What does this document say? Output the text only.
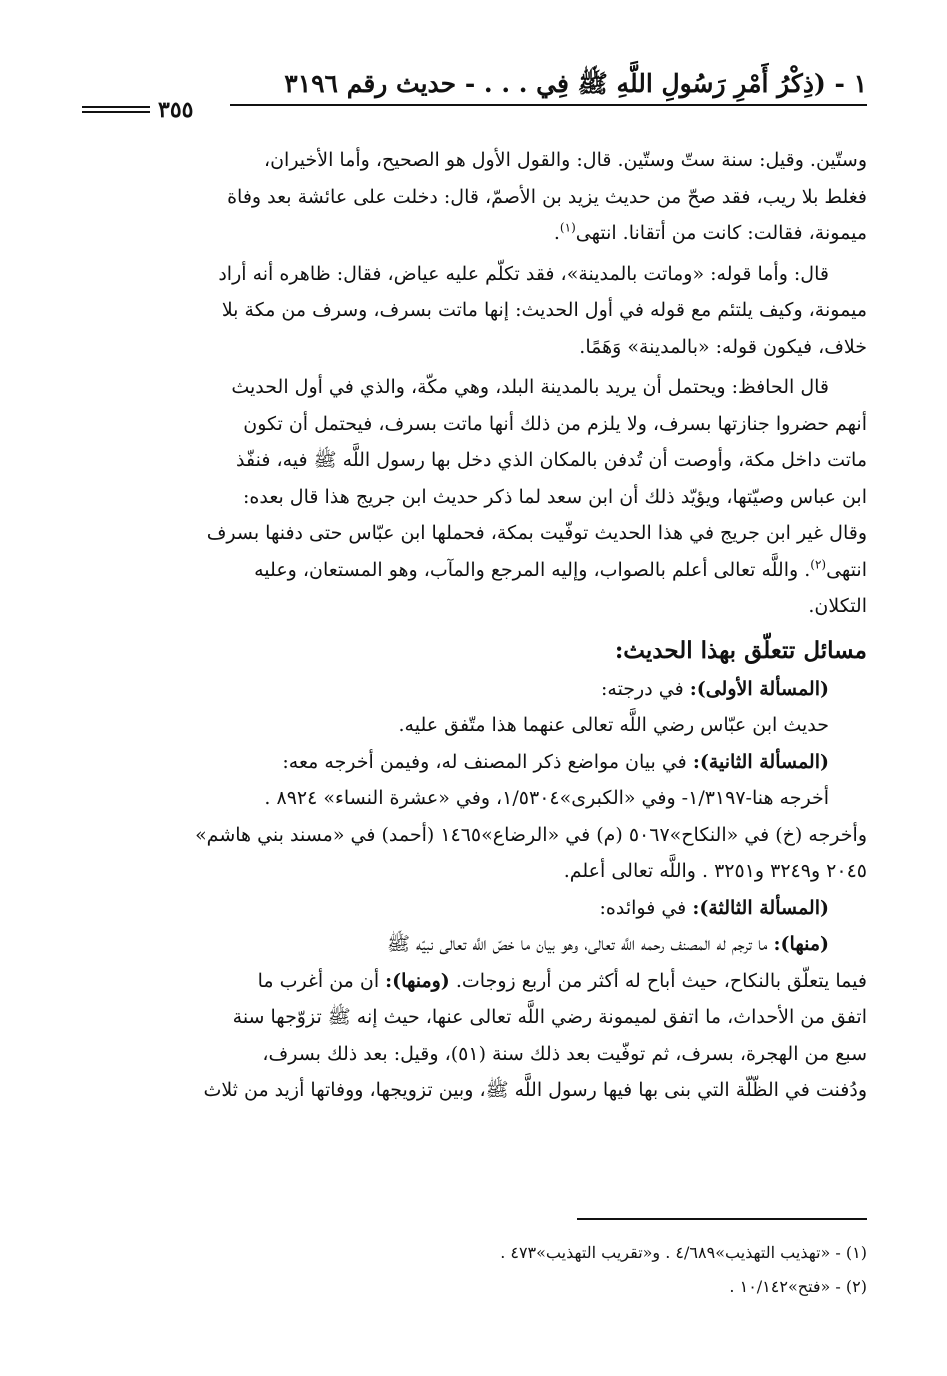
١ - (ذِكْرُ أَمْرِ رَسُولِ اللَّهِ ﷺ فِي . . . - حديث رقم ٣١٩٦
٣٥٥

وستّين. وقيل: سنة ستّ وستّين. قال: والقول الأول هو الصحيح، وأما الأخيران،

فغلط بلا ريب، فقد صحّ من حديث يزيد بن الأصمّ، قال: دخلت على عائشة بعد وفاة

ميمونة، فقالت: كانت من أتقانا. انتهى$^{(١)}$.

قال: وأما قوله: «وماتت بالمدينة»، فقد تكلّم عليه عياض، فقال: ظاهره أنه أراد

ميمونة، وكيف يلتئم مع قوله في أول الحديث: إنها ماتت بسرف، وسرف من مكة بلا

خلاف، فيكون قوله: «بالمدينة» وَهَمًا.

قال الحافظ: ويحتمل أن يريد بالمدينة البلد، وهي مكّة، والذي في أول الحديث

أنهم حضروا جنازتها بسرف، ولا يلزم من ذلك أنها ماتت بسرف، فيحتمل أن تكون

ماتت داخل مكة، وأوصت أن تُدفن بالمكان الذي دخل بها رسول اللَّه ﷺ فيه، فنفّذ

ابن عباس وصيّتها، ويؤيّد ذلك أن ابن سعد لما ذكر حديث ابن جريج هذا قال بعده:

وقال غير ابن جريج في هذا الحديث توفّيت بمكة، فحملها ابن عبّاس حتى دفنها بسرف

انتهى$^{(٢)}$. واللَّه تعالى أعلم بالصواب، وإليه المرجع والمآب، وهو المستعان، وعليه

التكلان.

مسائل تتعلّق بهذا الحديث:

(المسألة الأولى): في درجته:

حديث ابن عبّاس رضي اللَّه تعالى عنهما هذا متّفق عليه.

(المسألة الثانية): في بيان مواضع ذكر المصنف له، وفيمن أخرجه معه:

أخرجه هنا-١/٣١٩٧- وفي «الكبرى»١/٥٣٠٤، وفي «عشرة النساء» ٨٩٢٤ .

وأخرجه (خ) في «النكاح»٥٠٦٧ (م) في «الرضاع»١٤٦٥ (أحمد) في «مسند بني هاشم»

٢٠٤٥ و٣٢٤٩ و٣٢٥١ . واللَّه تعالى أعلم.

(المسألة الثالثة): في فوائده:

(منها): ما ترجم له المصنف رحمه اللَّه تعالى، وهو بيان ما خصّ اللَّه تعالى نبيّه ﷺ

فيما يتعلّق بالنكاح، حيث أباح له أكثر من أربع زوجات. (ومنها): أن من أغرب ما

اتفق من الأحداث، ما اتفق لميمونة رضي اللَّه تعالى عنها، حيث إنه ﷺ تزوّجها سنة

سبع من الهجرة، بسرف، ثم توفّيت بعد ذلك سنة (٥١)، وقيل: بعد ذلك بسرف،

ودُفنت في الظّلّة التي بنى بها فيها رسول اللَّه ﷺ، وبين تزويجها، ووفاتها أزيد من ثلاث

(١) - «تهذيب التهذيب»٤/٦٨٩ . و«تقريب التهذيب»٤٧٣ .

(٢) - «فتح»١٠/١٤٢ .
